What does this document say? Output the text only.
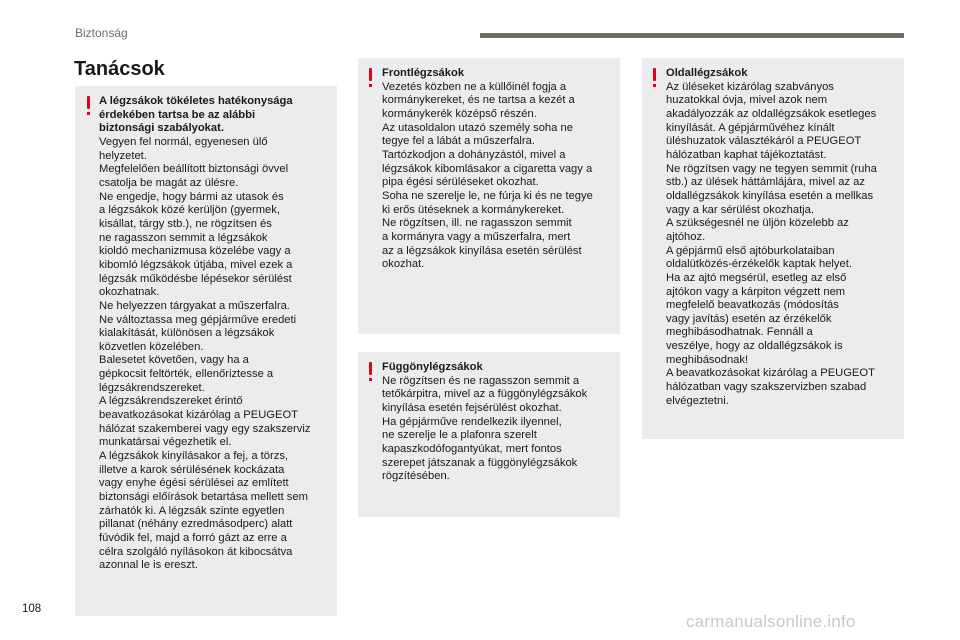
Biztonság
Tanácsok
A légzsákok tökéletes hatékonysága
érdekében tartsa be az alábbi
biztonsági szabályokat.
Vegyen fel normál, egyenesen ülő
helyzetet.
Megfelelően beállított biztonsági övvel
csatolja be magát az ülésre.
Ne engedje, hogy bármi az utasok és
a légzsákok közé kerüljön (gyermek,
kisállat, tárgy stb.), ne rögzítsen és
ne ragasszon semmit a légzsákok
kioldó mechanizmusa közelébe vagy a
kibomló légzsákok útjába, mivel ezek a
légzsák működésbe lépésekor sérülést
okozhatnak.
Ne helyezzen tárgyakat a műszerfalra.
Ne változtassa meg gépjárműve eredeti
kialakítását, különösen a légzsákok
közvetlen közelében.
Balesetet követően, vagy ha a
gépkocsit feltörték, ellenőriztesse a
légzsákrendszereket.
A légzsákrendszereket érintő
beavatkozásokat kizárólag a PEUGEOT
hálózat szakemberei vagy egy szakszerviz
munkatársai végezhetik el.
A légzsákok kinyílásakor a fej, a törzs,
illetve a karok sérülésének kockázata
vagy enyhe égési sérülései az említett
biztonsági előírások betartása mellett sem
zárhatók ki. A légzsák szinte egyetlen
pillanat (néhány ezredmásodperc) alatt
fúvódik fel, majd a forró gázt az erre a
célra szolgáló nyílásokon át kibocsátva
azonnal le is ereszt.
Frontlégzsákok
Vezetés közben ne a küllőinél fogja a
kormánykereket, és ne tartsa a kezét a
kormánykerék középső részén.
Az utasoldalon utazó személy soha ne
tegye fel a lábát a műszerfalra.
Tartózkodjon a dohányzástól, mivel a
légzsákok kibomlásakor a cigaretta vagy a
pipa égési sérüléseket okozhat.
Soha ne szerelje le, ne fúrja ki és ne tegye
ki erős ütéseknek a kormánykereket.
Ne rögzítsen, ill. ne ragasszon semmit
a kormányra vagy a műszerfalra, mert
az a légzsákok kinyílása esetén sérülést
okozhat.
Függönylégzsákok
Ne rögzítsen és ne ragasszon semmit a
tetőkárpitra, mivel az a függönylégzsákok
kinyílása esetén fejsérülést okozhat.
Ha gépjárműve rendelkezik ilyennel,
ne szerelje le a plafonra szerelt
kapaszkodófogantyúkat, mert fontos
szerepet játszanak a függönylégzsákok
rögzítésében.
Oldallégzsákok
Az üléseket kizárólag szabványos
huzatokkal óvja, mivel azok nem
akadályozzák az oldallégzsákok esetleges
kinyílását. A gépjárművéhez kínált
üléshuzatok választékáról a PEUGEOT
hálózatban kaphat tájékoztatást.
Ne rögzítsen vagy ne tegyen semmit (ruha
stb.) az ülések háttámlájára, mivel az az
oldallégzsákok kinyílása esetén a mellkas
vagy a kar sérülést okozhatja.
A szükségesnél ne üljön közelebb az
ajtóhoz.
A gépjármű első ajtóburkolataiban
oldalütközés-érzékelők kaptak helyet.
Ha az ajtó megsérül, esetleg az első
ajtókon vagy a kárpiton végzett nem
megfelelő beavatkozás (módosítás
vagy javítás) esetén az érzékelők
meghibásodhatnak. Fennáll a
veszélye, hogy az oldallégzsákok is
meghibásodnak!
A beavatkozásokat kizárólag a PEUGEOT
hálózatban vagy szakszervizben szabad
elvégeztetni.
108
carmanualsonline.info
